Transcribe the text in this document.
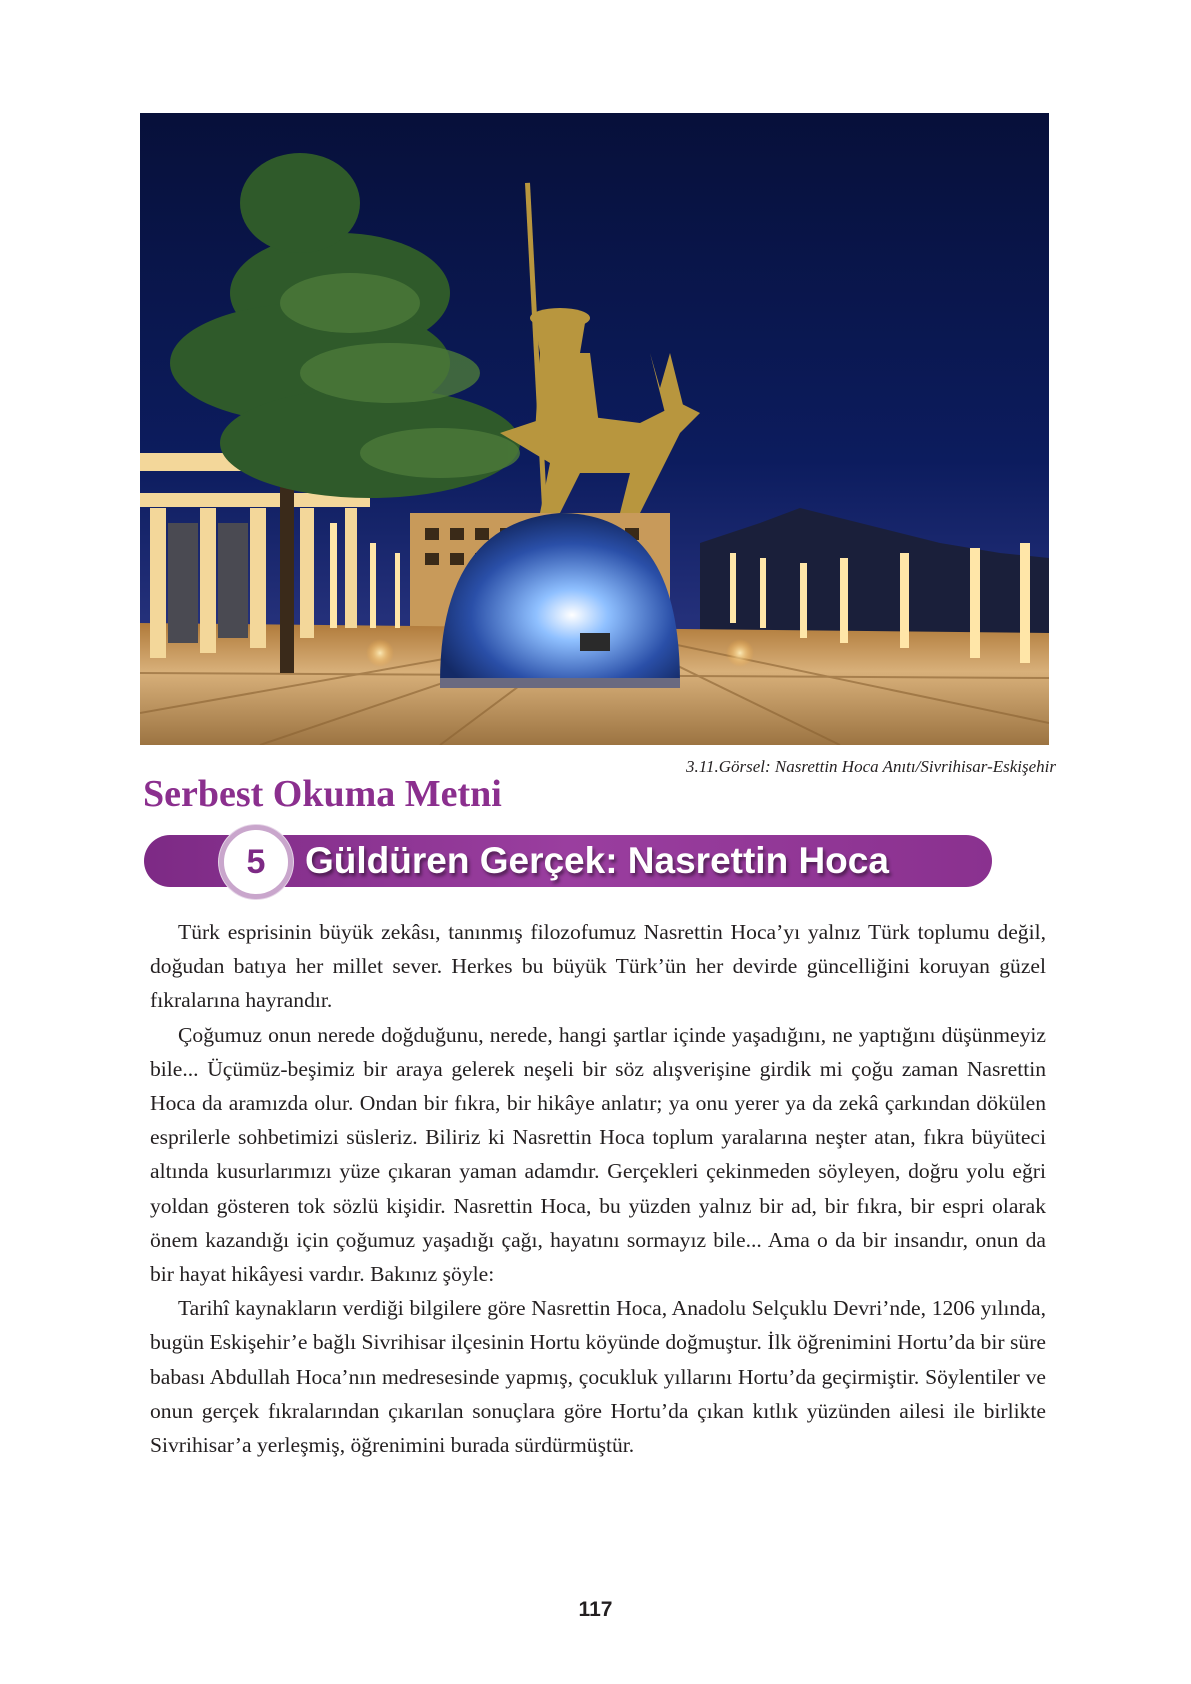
3.11.Görsel: Nasrettin Hoca Anıtı/Sivrihisar-Eskişehir
Serbest Okuma Metni
Güldüren Gerçek: Nasrettin Hoca
5

Türk esprisinin büyük zekâsı, tanınmış filozofumuz Nasrettin Hoca’yı yalnız Türk toplumu değil, doğudan batıya her millet sever. Herkes bu büyük Türk’ün her devirde güncelliğini koruyan güzel fıkralarına hayrandır.

Çoğumuz onun nerede doğduğunu, nerede, hangi şartlar içinde yaşadığını, ne yaptığını düşünmeyiz bile... Üçümüz-beşimiz bir araya gelerek neşeli bir söz alışverişine girdik mi çoğu zaman Nasrettin Hoca da aramızda olur. Ondan bir fıkra, bir hikâye anlatır; ya onu yerer ya da zekâ çarkından dökülen esprilerle sohbetimizi süsleriz. Biliriz ki Nasrettin Hoca toplum yaralarına neşter atan, fıkra büyüteci altında kusurlarımızı yüze çıkaran yaman adamdır. Gerçekleri çekinmeden söyleyen, doğru yolu eğri yoldan gösteren tok sözlü kişidir. Nasrettin Hoca, bu yüzden yalnız bir ad, bir fıkra, bir espri olarak önem kazandığı için çoğumuz yaşadığı çağı, hayatını sormayız bile... Ama o da bir insandır, onun da bir hayat hikâyesi vardır. Bakınız şöyle:

Tarihî kaynakların verdiği bilgilere göre Nasrettin Hoca, Anadolu Selçuklu Devri’nde, 1206 yılında, bugün Eskişehir’e bağlı Sivrihisar ilçesinin Hortu köyünde doğmuştur. İlk öğrenimini Hortu’da bir süre babası Abdullah Hoca’nın medresesinde yapmış, çocukluk yıllarını Hortu’da geçirmiştir. Söylentiler ve onun gerçek fıkralarından çıkarılan sonuçlara göre Hortu’da çıkan kıtlık yüzünden ailesi ile birlikte Sivrihisar’a yerleşmiş, öğrenimini burada sürdürmüştür.

117
